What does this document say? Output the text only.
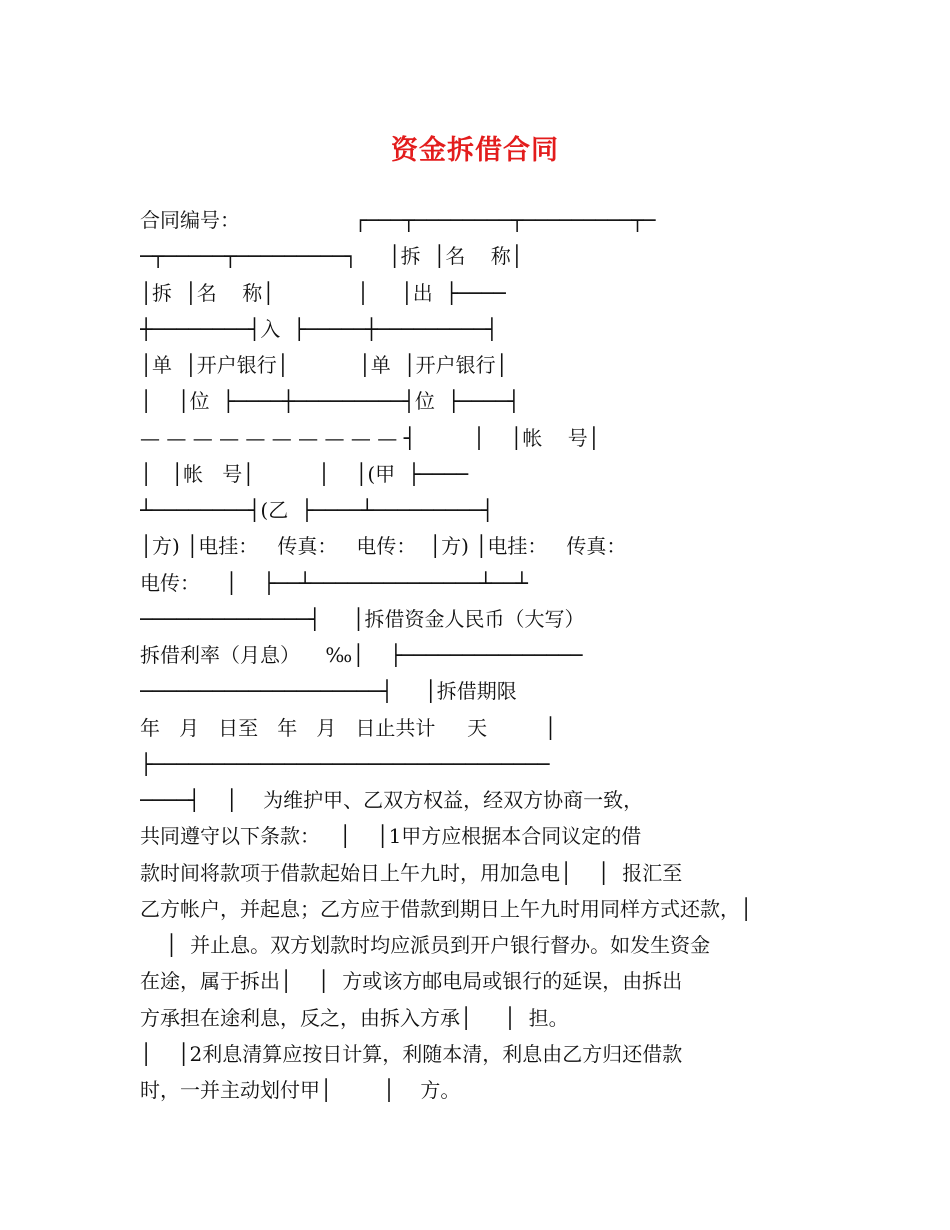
资金拆借合同
合同编号：                  ┌───┬────────┬─────────┬─
─┬─────┬─────────┐     │拆  │名    称│
│拆  │名    称│             │     │出  ├────
┼────────┤入  ├─────┼─────────┤
│单  │开户银行│           │单  │开户银行│
│    │位  ├────┼─────────┤位  ├────┤
— — — — — — — — — — ┤         │    │帐    号│
│   │帐   号│          │    │(甲  ├────
┴────────┤(乙  ├────┴─────────┤
│方) │电挂：   传真：   电传：  │方) │电挂：   传真：
电传：    │    ├──┴──────────────┴──┴
──────────────┤     │拆借资金人民币（大写）
拆借利率（月息）    ‰│    ├───────────────
────────────────────┤     │拆借期限
年   月   日至   年   月   日止共计     天         │
├─────────────────────────────────
────┤    │    为维护甲、乙双方权益，经双方协商一致，
共同遵守以下条款：   │    │1甲方应根据本合同议定的借
款时间将款项于借款起始日上午九时，用加急电│    │  报汇至
乙方帐户，并起息；乙方应于借款到期日上午九时用同样方式还款，│
│  并止息。双方划款时均应派员到开户银行督办。如发生资金
在途，属于拆出│    │  方或该方邮电局或银行的延误，由拆出
方承担在途利息，反之，由拆入方承│     │  担。
│    │2利息清算应按日计算，利随本清，利息由乙方归还借款
时，一并主动划付甲│        │    方。
